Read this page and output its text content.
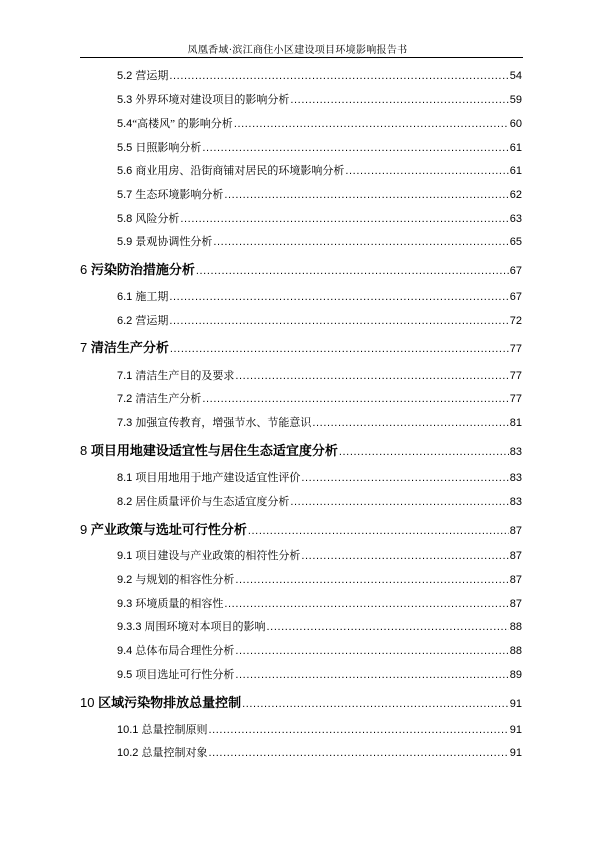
凤凰香域·滨江商住小区建设项目环境影响报告书
5.2 营运期 .....	54
5.3 外界环境对建设项目的影响分析 .....	59
5.4“高楼风” 的影响分析 .....	60
5.5 日照影响分析 .....	61
5.6 商业用房、沿街商铺对居民的环境影响分析 .....	61
5.7 生态环境影响分析 .....	62
5.8 风险分析 .....	63
5.9 景观协调性分析 .....	65
6 污染防治措施分析 .....	67
6.1 施工期 .....	67
6.2 营运期 .....	72
7 清洁生产分析 .....	77
7.1 清洁生产目的及要求 .....	77
7.2 清洁生产分析 .....	77
7.3 加强宣传教育，增强节水、节能意识 .....	81
8 项目用地建设适宜性与居住生态适宜度分析 .....	83
8.1 项目用地用于地产建设适宜性评价 .....	83
8.2 居住质量评价与生态适宜度分析 .....	83
9 产业政策与选址可行性分析 .....	87
9.1 项目建设与产业政策的相符性分析 .....	87
9.2 与规划的相容性分析 .....	87
9.3 环境质量的相容性 .....	87
9.3.3 周围环境对本项目的影响 .....	88
9.4 总体布局合理性分析 .....	88
9.5 项目选址可行性分析 .....	89
10 区域污染物排放总量控制 .....	91
10.1 总量控制原则 .....	91
10.2 总量控制对象 .....	91
